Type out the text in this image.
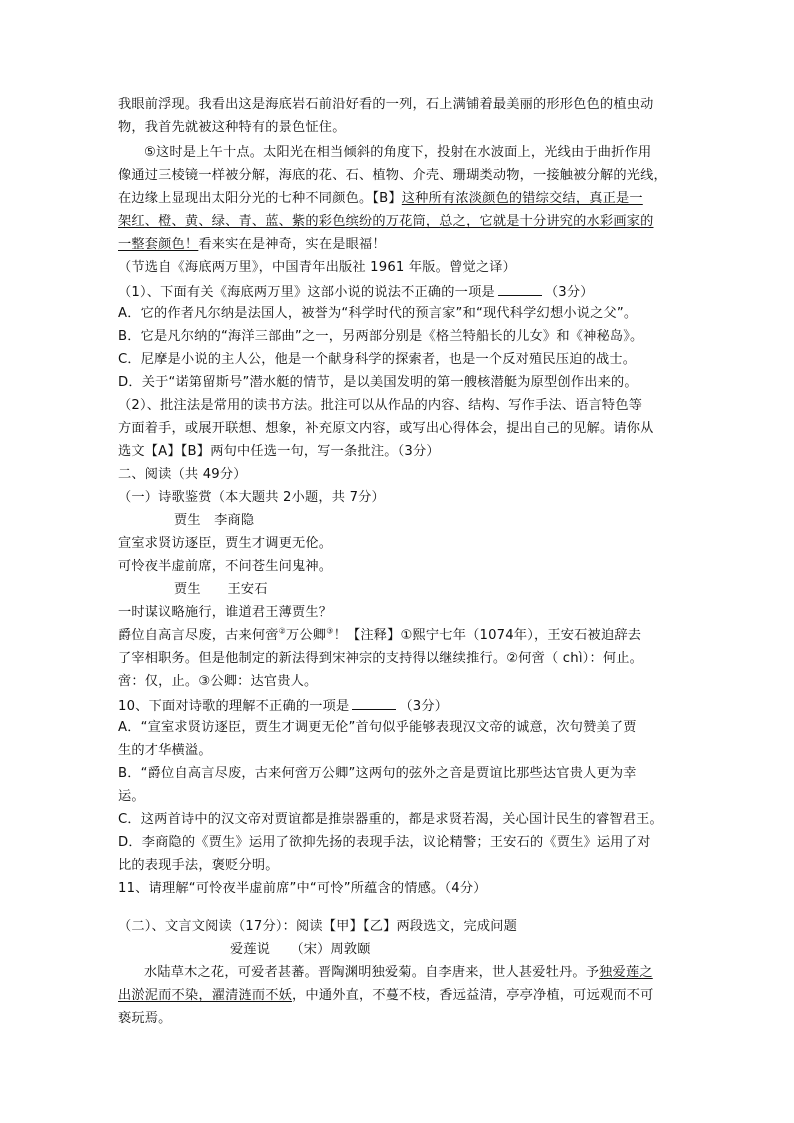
我眼前浮现。我看出这是海底岩石前沿好看的一列，石上满铺着最美丽的形形色色的植虫动
物，我首先就被这种特有的景色怔住。
⑤这时是上午十点。太阳光在相当倾斜的角度下，投射在水波面上，光线由于曲折作用
像通过三棱镜一样被分解，海底的花、石、植物、介壳、珊瑚类动物，一接触被分解的光线，
在边缘上显现出太阳分光的七种不同颜色。【B】这种所有浓淡颜色的错综交结，真正是一
架红、橙、黄、绿、青、蓝、紫的彩色缤纷的万花筒，总之，它就是十分讲究的水彩画家的
一整套颜色！看来实在是神奇，实在是眼福！
（节选自《海底两万里》，中国青年出版社 1961 年版。曾觉之译）
（1）、下面有关《海底两万里》这部小说的说法不正确的一项是	（3分）
A．它的作者凡尔纳是法国人，被誉为“科学时代的预言家”和“现代科学幻想小说之父”。
B．它是凡尔纳的“海洋三部曲”之一，另两部分别是《格兰特船长的儿女》和《神秘岛》。
C．尼摩是小说的主人公，他是一个献身科学的探索者，也是一个反对殖民压迫的战士。
D．关于“诺第留斯号”潜水艇的情节，是以美国发明的第一艘核潜艇为原型创作出来的。
（2）、批注法是常用的读书方法。批注可以从作品的内容、结构、写作手法、语言特色等
方面着手，或展开联想、想象，补充原文内容，或写出心得体会，提出自己的见解。请你从
选文【A】【B】两句中任选一句，写一条批注。（3分）
二、阅读（共 49分）
（一）诗歌鉴赏（本大题共 2小题，共 7分）
贾生　李商隐
宣室求贤访逐臣，贾生才调更无伦。
可怜夜半虚前席，不问苍生问鬼神。
贾生　　王安石
一时谋议略施行，谁道君王薄贾生？
爵位自高言尽废，古来何啻②万公卿③！【注释】①熙宁七年（1074年），王安石被迫辞去
了宰相职务。但是他制定的新法得到宋神宗的支持得以继续推行。②何啻（ chì）：何止。
啻：仅，止。③公卿：达官贵人。
10、下面对诗歌的理解不正确的一项是	（3分）
A．“宣室求贤访逐臣，贾生才调更无伦”首句似乎能够表现汉文帝的诚意，次句赞美了贾
生的才华横溢。
B．“爵位自高言尽废，古来何啻万公卿”这两句的弦外之音是贾谊比那些达官贵人更为幸
运。
C．这两首诗中的汉文帝对贾谊都是推崇器重的，都是求贤若渴，关心国计民生的睿智君王。
D．李商隐的《贾生》运用了欲抑先扬的表现手法，议论精警；王安石的《贾生》运用了对
比的表现手法，褒贬分明。
11、请理解“可怜夜半虚前席”中“可怜”所蕴含的情感。（4分）
（二）、文言文阅读（17分）：阅读【甲】【乙】两段选文，完成问题
爱莲说　　（宋）周敦颐
水陆草木之花，可爱者甚蕃。晋陶渊明独爱菊。自李唐来，世人甚爱牡丹。予独爱莲之
出淤泥而不染，濯清涟而不妖，中通外直，不蔓不枝，香远益清，亭亭净植，可远观而不可
亵玩焉。
